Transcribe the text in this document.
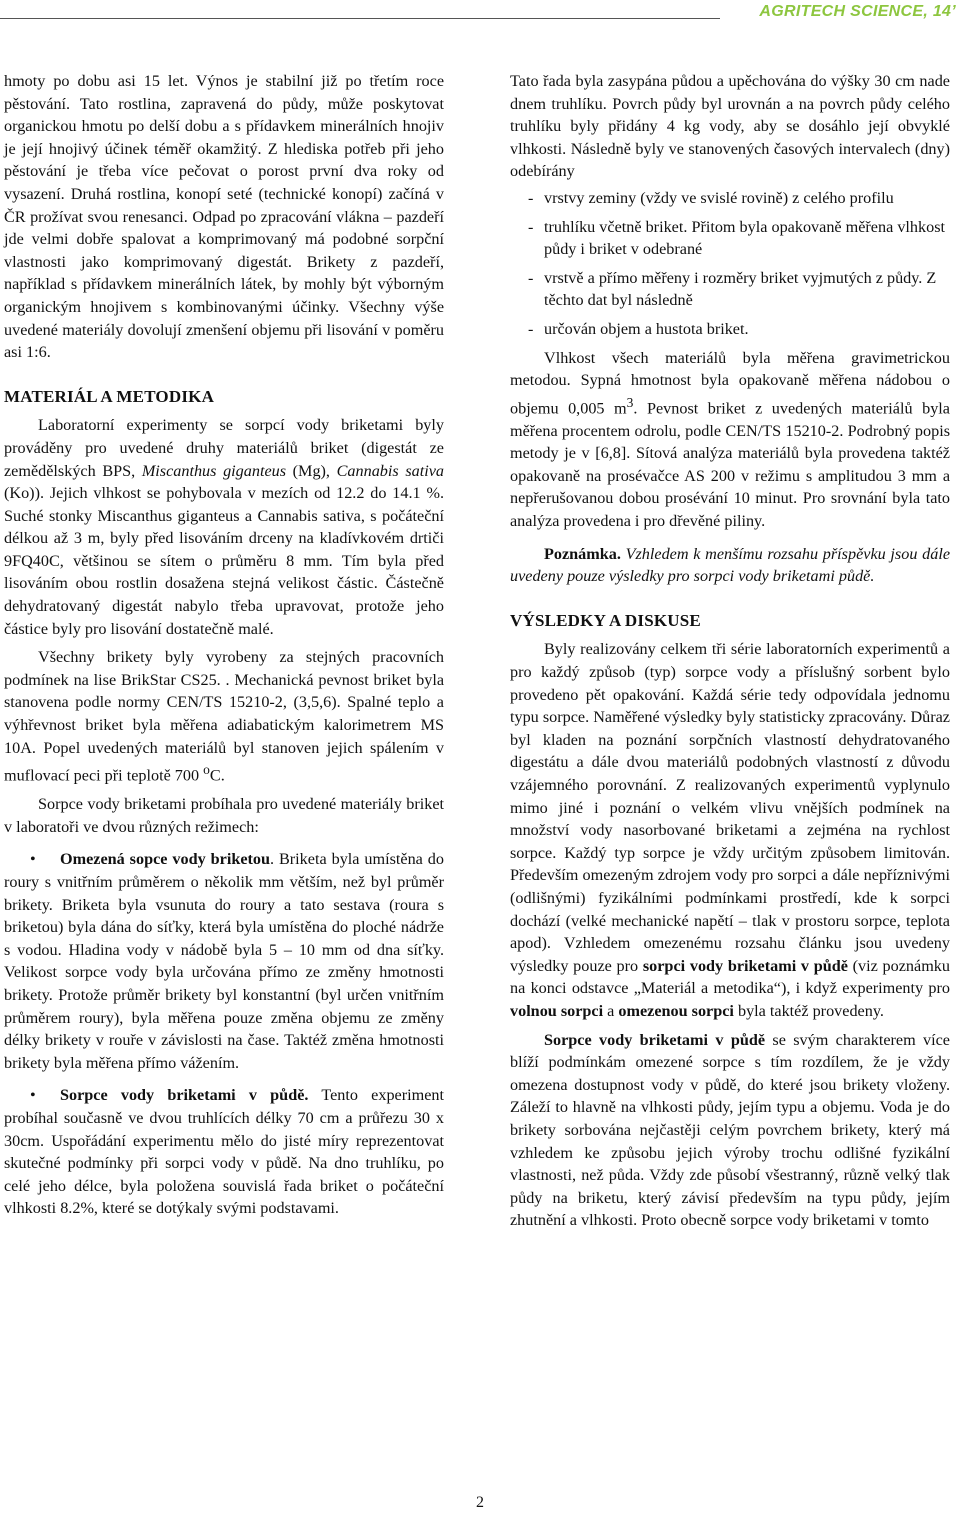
AGRITECH SCIENCE, 14’

hmoty po dobu asi 15 let. Výnos je stabilní již po třetím roce pěstování. Tato rostlina, zapravená do půdy, může poskytovat organickou hmotu po delší dobu a s přídavkem minerálních hnojiv je její hnojivý účinek téměř okamžitý. Z hlediska potřeb při jeho pěstování je třeba více pečovat o porost první dva roky od vysazení. Druhá rostlina, konopí seté (technické konopí) začíná v ČR prožívat svou renesanci. Odpad po zpracování vlákna – pazdeří jde velmi dobře spalovat a komprimovaný má podobné sorpční vlastnosti jako komprimovaný digestát. Brikety z pazdeří, například s přídavkem minerálních látek, by mohly být výborným organickým hnojivem s kombinovanými účinky. Všechny výše uvedené materiály dovolují zmenšení objemu při lisování v poměru asi 1:6.

MATERIÁL A METODIKA

Laboratorní experimenty se sorpcí vody briketami byly prováděny pro uvedené druhy materiálů briket (digestát ze zemědělských BPS, Miscanthus giganteus (Mg), Cannabis sativa (Ko)). Jejich vlhkost se pohybovala v mezích od 12.2 do 14.1 %. Suché stonky Miscanthus giganteus a Cannabis sativa, s počáteční délkou až 3 m, byly před lisováním drceny na kladívkovém drtiči 9FQ40C, většinou se sítem o průměru 8 mm. Tím byla před lisováním obou rostlin dosažena stejná velikost částic. Částečně dehydratovaný digestát nabylo třeba upravovat, protože jeho částice byly pro lisování dostatečně malé.

Všechny brikety byly vyrobeny za stejných pracovních podmínek na lise BrikStar CS25. . Mechanická pevnost briket byla stanovena podle normy CEN/TS 15210-2, (3,5,6). Spalné teplo a výhřevnost briket byla měřena adiabatickým kalorimetrem MS 10A. Popel uvedených materiálů byl stanoven jejich spálením v muflovací peci při teplotě 700 $^o$C.

Sorpce vody briketami probíhala pro uvedené materiály briket v laboratoři ve dvou různých režimech:

• Omezená sopce vody briketou. Briketa byla umístěna do roury s vnitřním průměrem o několik mm větším, než byl průměr brikety. Briketa byla vsunuta do roury a tato sestava (roura s briketou) byla dána do síťky, která byla umístěna do ploché nádrže s vodou. Hladina vody v nádobě byla 5 – 10 mm od dna síťky. Velikost sorpce vody byla určována přímo ze změny hmotnosti brikety. Protože průměr brikety byl konstantní (byl určen vnitřním průměrem roury), byla měřena pouze změna objemu ze změny délky brikety v rouře v závislosti na čase. Taktéž změna hmotnosti brikety byla měřena přímo vážením.

• Sorpce vody briketami v půdě. Tento experiment probíhal současně ve dvou truhlících délky 70 cm a průřezu 30 x 30cm. Uspořádání experimentu mělo do jisté míry reprezentovat skutečné podmínky při sorpci vody v půdě. Na dno truhlíku, po celé jeho délce, byla položena souvislá řada briket o počáteční vlhkosti 8.2%, které se dotýkaly svými podstavami.

Tato řada byla zasypána půdou a upěchována do výšky 30 cm nade dnem truhlíku. Povrch půdy byl urovnán a na povrch půdy celého truhlíku byly přidány 4 kg vody, aby se dosáhlo její obvyklé vlhkosti. Následně byly ve stanovených časových intervalech (dny) odebírány

- vrstvy zeminy (vždy ve svislé rovině) z celého profilu
- truhlíku včetně briket. Přitom byla opakovaně měřena vlhkost půdy i briket v odebrané
- vrstvě a přímo měřeny i rozměry briket vyjmutých z půdy. Z těchto dat byl následně
- určován objem a hustota briket.

Vlhkost všech materiálů byla měřena gravimetrickou metodou. Sypná hmotnost byla opakovaně měřena nádobou o objemu 0,005 $m^3$. Pevnost briket z uvedených materiálů byla měřena procentem odrolu, podle CEN/TS 15210-2. Podrobný popis metody je v [6,8]. Sítová analýza materiálů byla provedena taktéž opakovaně na prosévačce AS 200 v režimu s amplitudou 3 mm a nepřerušovanou dobou prosévání 10 minut. Pro srovnání byla tato analýza provedena i pro dřevěné piliny.

Poznámka. Vzhledem k menšímu rozsahu příspěvku jsou dále uvedeny pouze výsledky pro sorpci vody briketami půdě.

VÝSLEDKY A DISKUSE

Byly realizovány celkem tři série laboratorních experimentů a pro každý způsob (typ) sorpce vody a příslušný sorbent bylo provedeno pět opakování. Každá série tedy odpovídala jednomu typu sorpce. Naměřené výsledky byly statisticky zpracovány. Důraz byl kladen na poznání sorpčních vlastností dehydratovaného digestátu a dále dvou materiálů podobných vlastností z důvodu vzájemného porovnání. Z realizovaných experimentů vyplynulo mimo jiné i poznání o velkém vlivu vnějších podmínek na množství vody nasorbované briketami a zejména na rychlost sorpce. Každý typ sorpce je vždy určitým způsobem limitován. Především omezeným zdrojem vody pro sorpci a dále nepříznivými (odlišnými) fyzikálními podmínkami prostředí, kde k sorpci dochází (velké mechanické napětí – tlak v prostoru sorpce, teplota apod). Vzhledem omezenému rozsahu článku jsou uvedeny výsledky pouze pro sorpci vody briketami v půdě (viz poznámku na konci odstavce „Materiál a metodika“), i když experimenty pro volnou sorpci a omezenou sorpci byla taktéž provedeny.

Sorpce vody briketami v půdě se svým charakterem více blíží podmínkám omezené sorpce s tím rozdílem, že je vždy omezena dostupnost vody v půdě, do které jsou brikety vloženy. Záleží to hlavně na vlhkosti půdy, jejím typu a objemu. Voda je do brikety sorbována nejčastěji celým povrchem brikety, který má vzhledem ke způsobu jejich výroby trochu odlišné fyzikální vlastnosti, než půda. Vždy zde působí všestranný, různě velký tlak půdy na briketu, který závisí především na typu půdy, jejím zhutnění a vlhkosti. Proto obecně sorpce vody briketami v tomto

2
